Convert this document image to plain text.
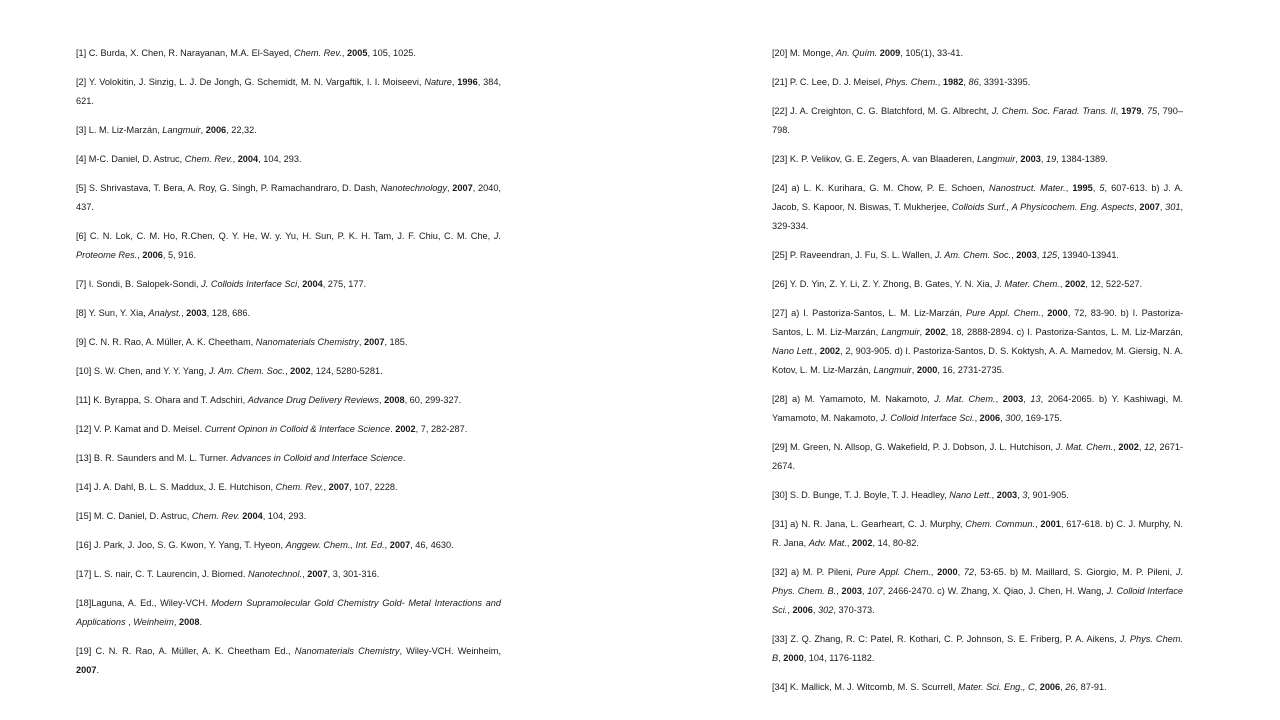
[1] C. Burda, X. Chen, R. Narayanan, M.A. El-Sayed, Chem. Rev., 2005, 105, 1025.

[2] Y. Volokitin, J. Sinzig, L. J. De Jongh, G. Schemidt, M. N. Vargaftik, I. I. Moiseevi, Nature, 1996, 384, 621.

[3] L. M. Liz-Marzán, Langmuir, 2006, 22,32.

[4] M-C. Daniel, D. Astruc, Chem. Rev., 2004, 104, 293.

[5] S. Shrivastava, T. Bera, A. Roy, G. Singh, P. Ramachandraro, D. Dash, Nanotechnology, 2007, 2040, 437.

[6] C. N. Lok, C. M. Ho, R.Chen, Q. Y. He, W. y. Yu, H. Sun, P. K. H. Tam, J. F. Chiu, C. M. Che, J. Proteome Res., 2006, 5, 916.

[7] I. Sondi, B. Salopek-Sondi, J. Colloids Interface Sci, 2004, 275, 177.

[8] Y. Sun, Y. Xia, Analyst., 2003, 128, 686.

[9] C. N. R. Rao, A. Müller, A. K. Cheetham, Nanomaterials Chemistry, 2007, 185.

[10] S. W. Chen, and Y. Y. Yang, J. Am. Chem. Soc., 2002, 124, 5280-5281.

[11] K. Byrappa, S. Ohara and T. Adschiri, Advance Drug Delivery Reviews, 2008, 60, 299-327.

[12] V. P. Kamat and D. Meisel. Current Opinon in Colloid & Interface Science. 2002, 7, 282-287.

[13] B. R. Saunders and M. L. Turner. Advances in Colloid and Interface Science.

[14] J. A. Dahl, B. L. S. Maddux, J. E. Hutchison, Chem. Rev., 2007, 107, 2228.

[15] M. C. Daniel, D. Astruc, Chem. Rev. 2004, 104, 293.

[16] J. Park, J. Joo, S. G. Kwon, Y. Yang, T. Hyeon, Anggew. Chem., Int. Ed., 2007, 46, 4630.

[17] L. S. nair, C. T. Laurencin, J. Biomed. Nanotechnol., 2007, 3, 301-316.

[18]Laguna, A. Ed., Wiley-VCH. Modern Supramolecular Gold Chemistry Gold- Metal Interactions and Applications , Weinheim, 2008.

[19] C. N. R. Rao, A. Müller, A. K. Cheetham Ed., Nanomaterials Chemistry, Wiley-VCH. Weinheim, 2007.

[20] M. Monge, An. Quím. 2009, 105(1), 33-41.

[21] P. C. Lee, D. J. Meisel, Phys. Chem., 1982, 86, 3391-3395.

[22] J. A. Creighton, C. G. Blatchford, M. G. Albrecht, J. Chem. Soc. Farad. Trans. II, 1979, 75, 790– 798.

[23] K. P. Velikov, G. E. Zegers, A. van Blaaderen, Langmuir, 2003, 19, 1384-1389.

[24] a) L. K. Kurihara, G. M. Chow, P. E. Schoen, Nanostruct. Mater., 1995, 5, 607-613. b) J. A. Jacob, S. Kapoor, N. Biswas, T. Mukherjee, Colloids Surf., A Physicochem. Eng. Aspects, 2007, 301, 329-334.

[25] P. Raveendran, J. Fu, S. L. Wallen, J. Am. Chem. Soc., 2003, 125, 13940-13941.

[26] Y. D. Yin, Z. Y. Li, Z. Y. Zhong, B. Gates, Y. N. Xia, J. Mater. Chem., 2002, 12, 522-527.

[27] a) I. Pastoriza-Santos, L. M. Liz-Marzán, Pure Appl. Chem., 2000, 72, 83-90. b) I. Pastoriza-Santos, L. M. Liz-Marzán, Langmuir, 2002, 18, 2888-2894. c) I. Pastoriza-Santos, L. M. Liz-Marzán, Nano Lett., 2002, 2, 903-905. d) I. Pastoriza-Santos, D. S. Koktysh, A. A. Mamedov, M. Giersig, N. A. Kotov, L. M. Liz-Marzán, Langmuir, 2000, 16, 2731-2735.

[28] a) M. Yamamoto, M. Nakamoto, J. Mat. Chem., 2003, 13, 2064-2065. b) Y. Kashiwagi, M. Yamamoto, M. Nakamoto, J. Colloid Interface Sci., 2006, 300, 169-175.

[29] M. Green, N. Allsop, G. Wakefield, P. J. Dobson, J. L. Hutchison, J. Mat. Chem., 2002, 12, 2671-2674.

[30] S. D. Bunge, T. J. Boyle, T. J. Headley, Nano Lett., 2003, 3, 901-905.

[31] a) N. R. Jana, L. Gearheart, C. J. Murphy, Chem. Commun., 2001, 617-618. b) C. J. Murphy, N. R. Jana, Adv. Mat., 2002, 14, 80-82.

[32] a) M. P. Pileni, Pure Appl. Chem., 2000, 72, 53-65. b) M. Maillard, S. Giorgio, M. P. Pileni, J. Phys. Chem. B., 2003, 107, 2466-2470. c) W. Zhang, X. Qiao, J. Chen, H. Wang, J. Colloid Interface Sci., 2006, 302, 370-373.

[33] Z. Q. Zhang, R. C: Patel, R. Kothari, C. P. Johnson, S. E. Friberg, P. A. Aikens, J. Phys. Chem. B, 2000, 104, 1176-1182.

[34] K. Mallick, M. J. Witcomb, M. S. Scurrell, Mater. Sci. Eng., C, 2006, 26, 87-91.
